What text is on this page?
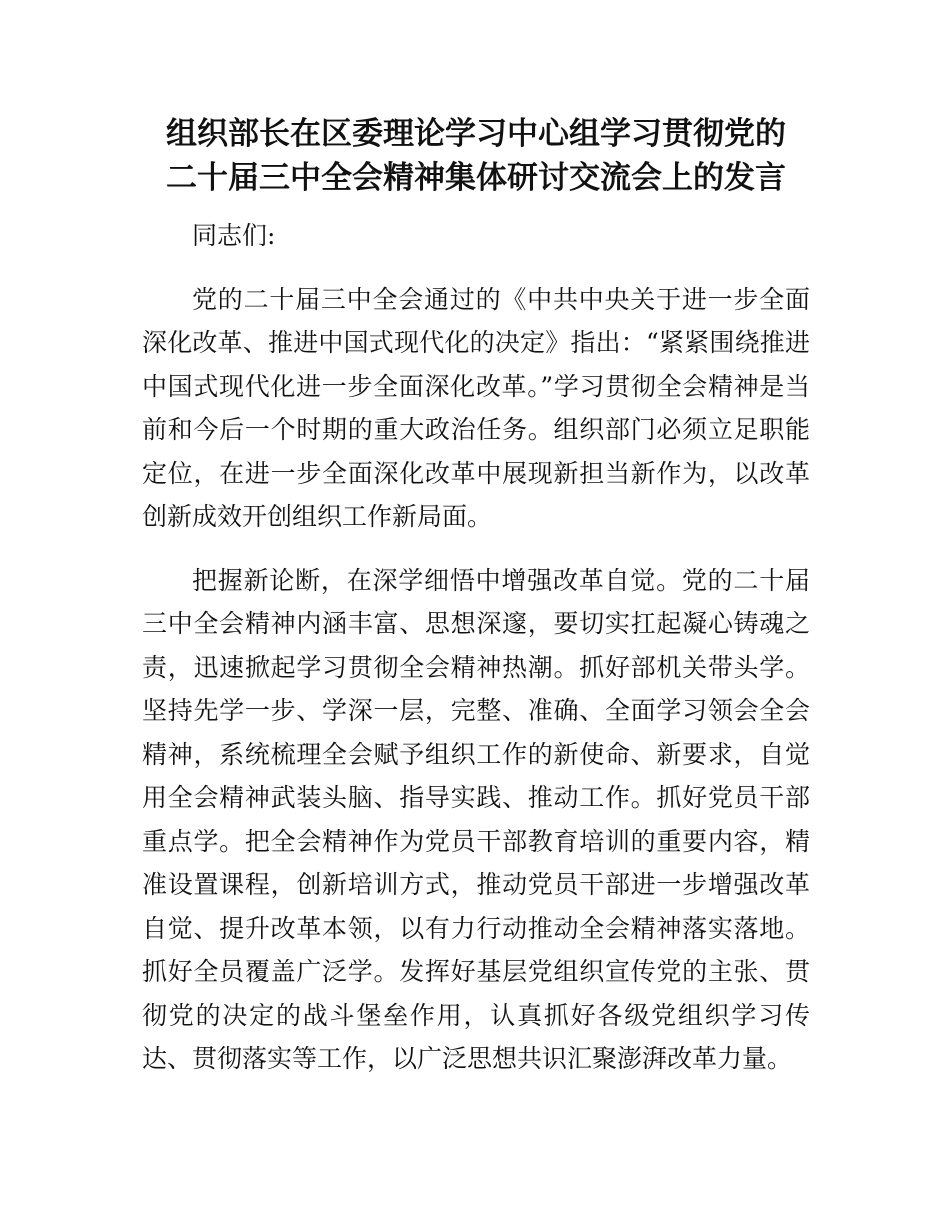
组织部长在区委理论学习中心组学习贯彻党的
二十届三中全会精神集体研讨交流会上的发言

同志们:

党的二十届三中全会通过的《中共中央关于进一步全面深化改革、推进中国式现代化的决定》指出：“紧紧围绕推进中国式现代化进一步全面深化改革。”学习贯彻全会精神是当前和今后一个时期的重大政治任务。组织部门必须立足职能定位，在进一步全面深化改革中展现新担当新作为，以改革创新成效开创组织工作新局面。

把握新论断，在深学细悟中增强改革自觉。党的二十届三中全会精神内涵丰富、思想深邃，要切实扛起凝心铸魂之责，迅速掀起学习贯彻全会精神热潮。抓好部机关带头学。坚持先学一步、学深一层，完整、准确、全面学习领会全会精神，系统梳理全会赋予组织工作的新使命、新要求，自觉用全会精神武装头脑、指导实践、推动工作。抓好党员干部重点学。把全会精神作为党员干部教育培训的重要内容，精准设置课程，创新培训方式，推动党员干部进一步增强改革自觉、提升改革本领，以有力行动推动全会精神落实落地。抓好全员覆盖广泛学。发挥好基层党组织宣传党的主张、贯彻党的决定的战斗堡垒作用，认真抓好各级党组织学习传达、贯彻落实等工作，以广泛思想共识汇聚澎湃改革力量。
